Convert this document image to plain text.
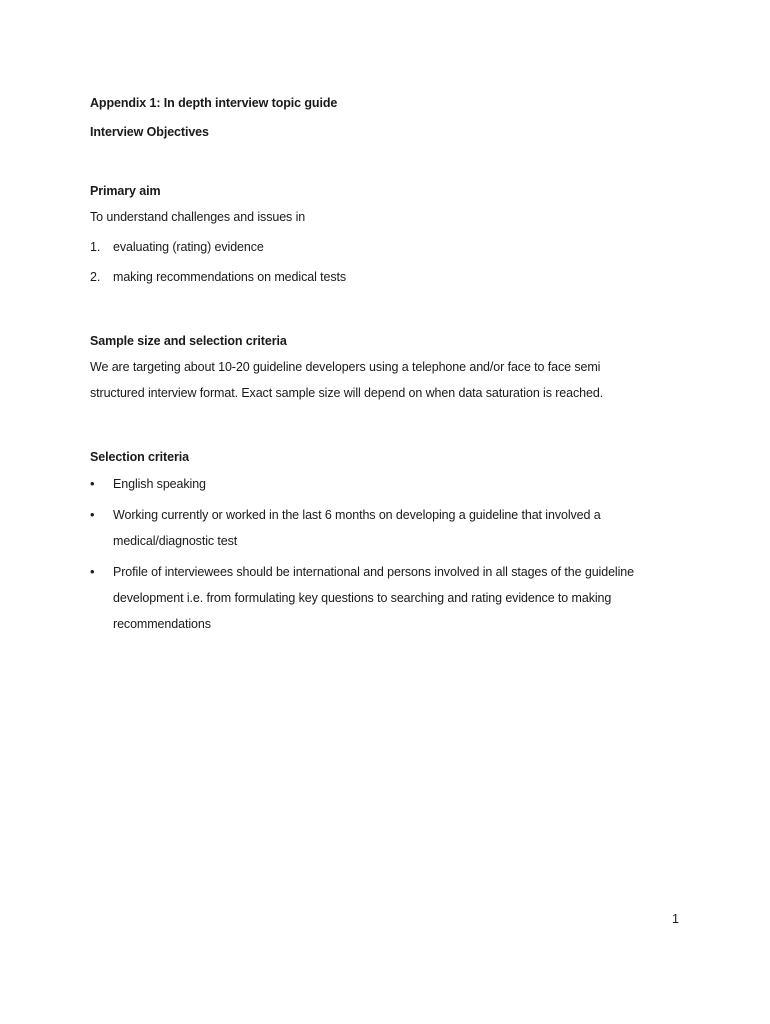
Appendix 1: In depth interview topic guide

Interview Objectives

Primary aim

To understand challenges and issues in

1.	evaluating (rating) evidence
2.	making recommendations on medical tests

Sample size and selection criteria

We are targeting about 10-20 guideline developers using a telephone and/or face to face semi

structured interview format. Exact sample size will depend on when data saturation is reached.

Selection criteria

•	English speaking
•	Working currently or worked in the last 6 months on developing a guideline that involved a medical/diagnostic test
•	Profile of interviewees should be international and persons involved in all stages of the guideline development i.e. from formulating key questions to searching and rating evidence to making recommendations
1
